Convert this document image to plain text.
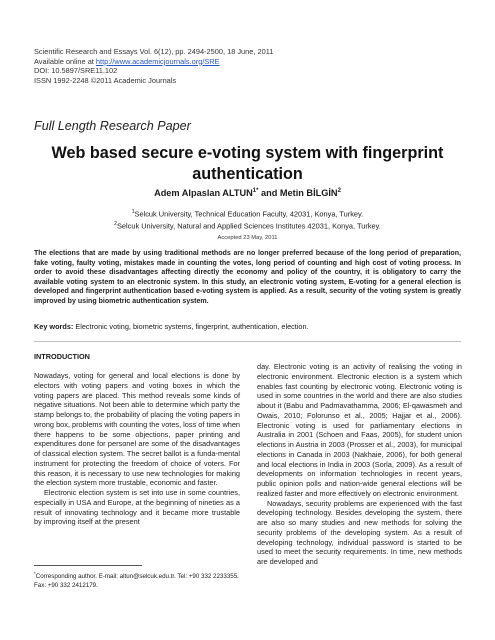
Scientific Research and Essays Vol. 6(12), pp. 2494-2500, 18 June, 2011
Available online at http://www.academicjournals.org/SRE
DOI: 10.5897/SRE11.102
ISSN 1992-2248 ©2011 Academic Journals
Full Length Research Paper
Web based secure e-voting system with fingerprint authentication
Adem Alpaslan $ALTUN^{1*}$ and Metin BİLGİN$^2$
$^1$Selcuk University, Technical Education Faculty, 42031, Konya, Turkey.
$^2$Selcuk University, Natural and Applied Sciences Institutes 42031, Konya, Turkey.
Accepted 23 May, 2011
The elections that are made by using traditional methods are no longer preferred because of the long period of preparation, fake voting, faulty voting, mistakes made in counting the votes, long period of counting and high cost of voting process. In order to avoid these disadvantages affecting directly the economy and policy of the country, it is obligatory to carry the available voting system to an electronic system. In this study, an electronic voting system, E-voting for a general election is developed and fingerprint authentication based e-voting system is applied. As a result, security of the voting system is greatly improved by using biometric authentication system.
Key words: Electronic voting, biometric systems, fingerprint, authentication, election.
INTRODUCTION

Nowadays, voting for general and local elections is done by electors with voting papers and voting boxes in which the voting papers are placed. This method reveals some kinds of negative situations. Not been able to determine which party the stamp belongs to, the probability of placing the voting papers in wrong box, problems with counting the votes, loss of time when there happens to be some objections, paper printing and expenditures done for personel are some of the disadvantages of classical election system. The secret ballot is a funda-mental instrument for protecting the freedom of choice of voters. For this reason, it is necessary to use new technologies for making the election system more trustable, economic and faster.

Electronic election system is set into use in some countries, especially in USA and Europe, at the beginning of nineties as a result of innovating technology and it became more trustable by improving itself at the present

day. Electronic voting is an activity of realising the voting in electronic environment. Electronic election is a system which enables fast counting by electronic voting. Electronic voting is used in some countries in the world and there are also studies about it (Babu and Padmavathamma, 2006; El-qawasmeh and Owais, 2010; Folorunso et al., 2005; Hajjar et al., 2006). Electronic voting is used for parliamentary elections in Australia in 2001 (Schoen and Faas, 2005), for student union elections in Austria in 2003 (Prosser et al., 2003), for municipal elections in Canada in 2003 (Nakhaie, 2006), for both general and local elections in India in 2003 (Sorla, 2009). As a result of developments on information technologies in recent years, public opinion polls and nation-wide general elections will be realized faster and more effectively on electronic environment.

Nowadays, security problems are experienced with the fast developing technology. Besides developing the system, there are also so many studies and new methods for solving the security problems of the developing system. As a result of developing technology, individual password is started to be used to meet the security requirements. In time, new methods are developed and

*Corresponding author. E-mail: altun@selcuk.edu.tr. Tel: +90 332 2233355. Fax: +90 332 2412179.
